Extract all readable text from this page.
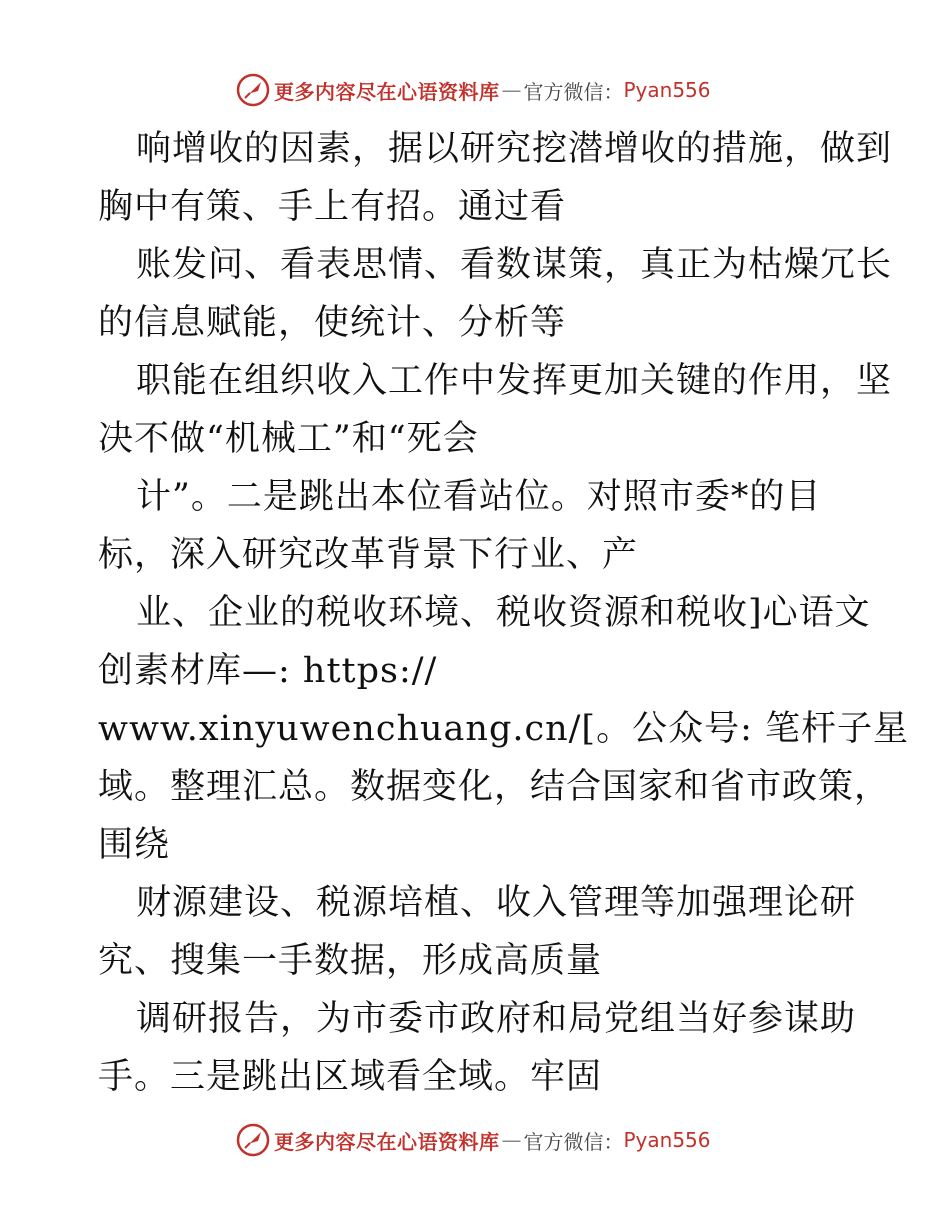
更多内容尽在心语资料库 — 官方微信： Pyan556
响增收的因素，据以研究挖潜增收的措施，做到
胸中有策、手上有招。通过看
账发问、看表思情、看数谋策，真正为枯燥冗长
的信息赋能，使统计、分析等
职能在组织收入工作中发挥更加关键的作用，坚
决不做“机械工”和“死会
计”。二是跳出本位看站位。对照市委*的目
标，深入研究改革背景下行业、产
业、企业的税收环境、税收资源和税收]心语文
创素材库—: https://
www.xinyuwenchuang.cn/[。公众号: 笔杆子星
域。整理汇总。数据变化，结合国家和省市政策，
围绕
财源建设、税源培植、收入管理等加强理论研
究、搜集一手数据，形成高质量
调研报告，为市委市政府和局党组当好参谋助
手。三是跳出区域看全域。牢固
更多内容尽在心语资料库 — 官方微信： Pyan556
